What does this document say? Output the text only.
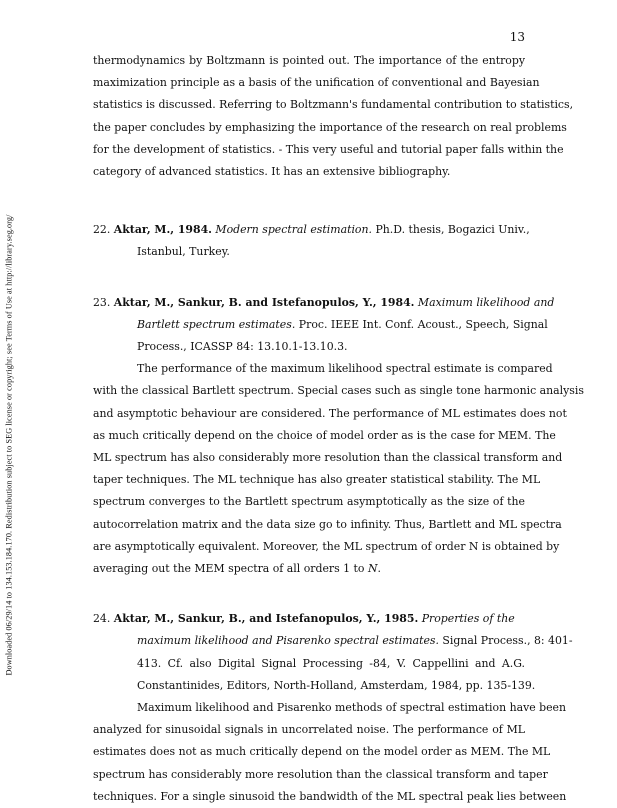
13
Downloaded 06/29/14 to 134.153.184.170. Redistribution subject to SEG license or copyright; see Terms of Use at http://library.seg.org/
thermodynamics by Boltzmann is pointed out. The importance of the entropy
maximization principle as a basis of the unification of conventional and Bayesian
statistics is discussed. Referring to Boltzmann's fundamental contribution to statistics,
the paper concludes by emphasizing the importance of the research on real problems
for the development of statistics. - This very useful and tutorial paper falls within the
category of advanced statistics. It has an extensive bibliography.
22. Aktar, M., 1984. Modern spectral estimation. Ph.D. thesis, Bogazici Univ.,
Istanbul, Turkey.
23. Aktar, M., Sankur, B. and Istefanopulos, Y., 1984. Maximum likelihood and
Bartlett spectrum estimates. Proc. IEEE Int. Conf. Acoust., Speech, Signal
Process., ICASSP 84: 13.10.1-13.10.3.
The performance of the maximum likelihood spectral estimate is compared
with the classical Bartlett spectrum. Special cases such as single tone harmonic analysis
and asymptotic behaviour are considered. The performance of ML estimates does not
as much critically depend on the choice of model order as is the case for MEM. The
ML spectrum has also considerably more resolution than the classical transform and
taper techniques. The ML technique has also greater statistical stability. The ML
spectrum converges to the Bartlett spectrum asymptotically as the size of the
autocorrelation matrix and the data size go to infinity. Thus, Bartlett and ML spectra
are asymptotically equivalent. Moreover, the ML spectrum of order N is obtained by
averaging out the MEM spectra of all orders 1 to N.
24. Aktar, M., Sankur, B., and Istefanopulos, Y., 1985. Properties of the
maximum likelihood and Pisarenko spectral estimates. Signal Process., 8: 401-
413. Cf. also Digital Signal Processing -84, V. Cappellini and A.G.
Constantinides, Editors, North-Holland, Amsterdam, 1984, pp. 135-139.
Maximum likelihood and Pisarenko methods of spectral estimation have been
analyzed for sinusoidal signals in uncorrelated noise. The performance of ML
estimates does not as much critically depend on the model order as MEM. The ML
spectrum has considerably more resolution than the classical transform and taper
techniques. For a single sinusoid the bandwidth of the ML spectral peak lies between
